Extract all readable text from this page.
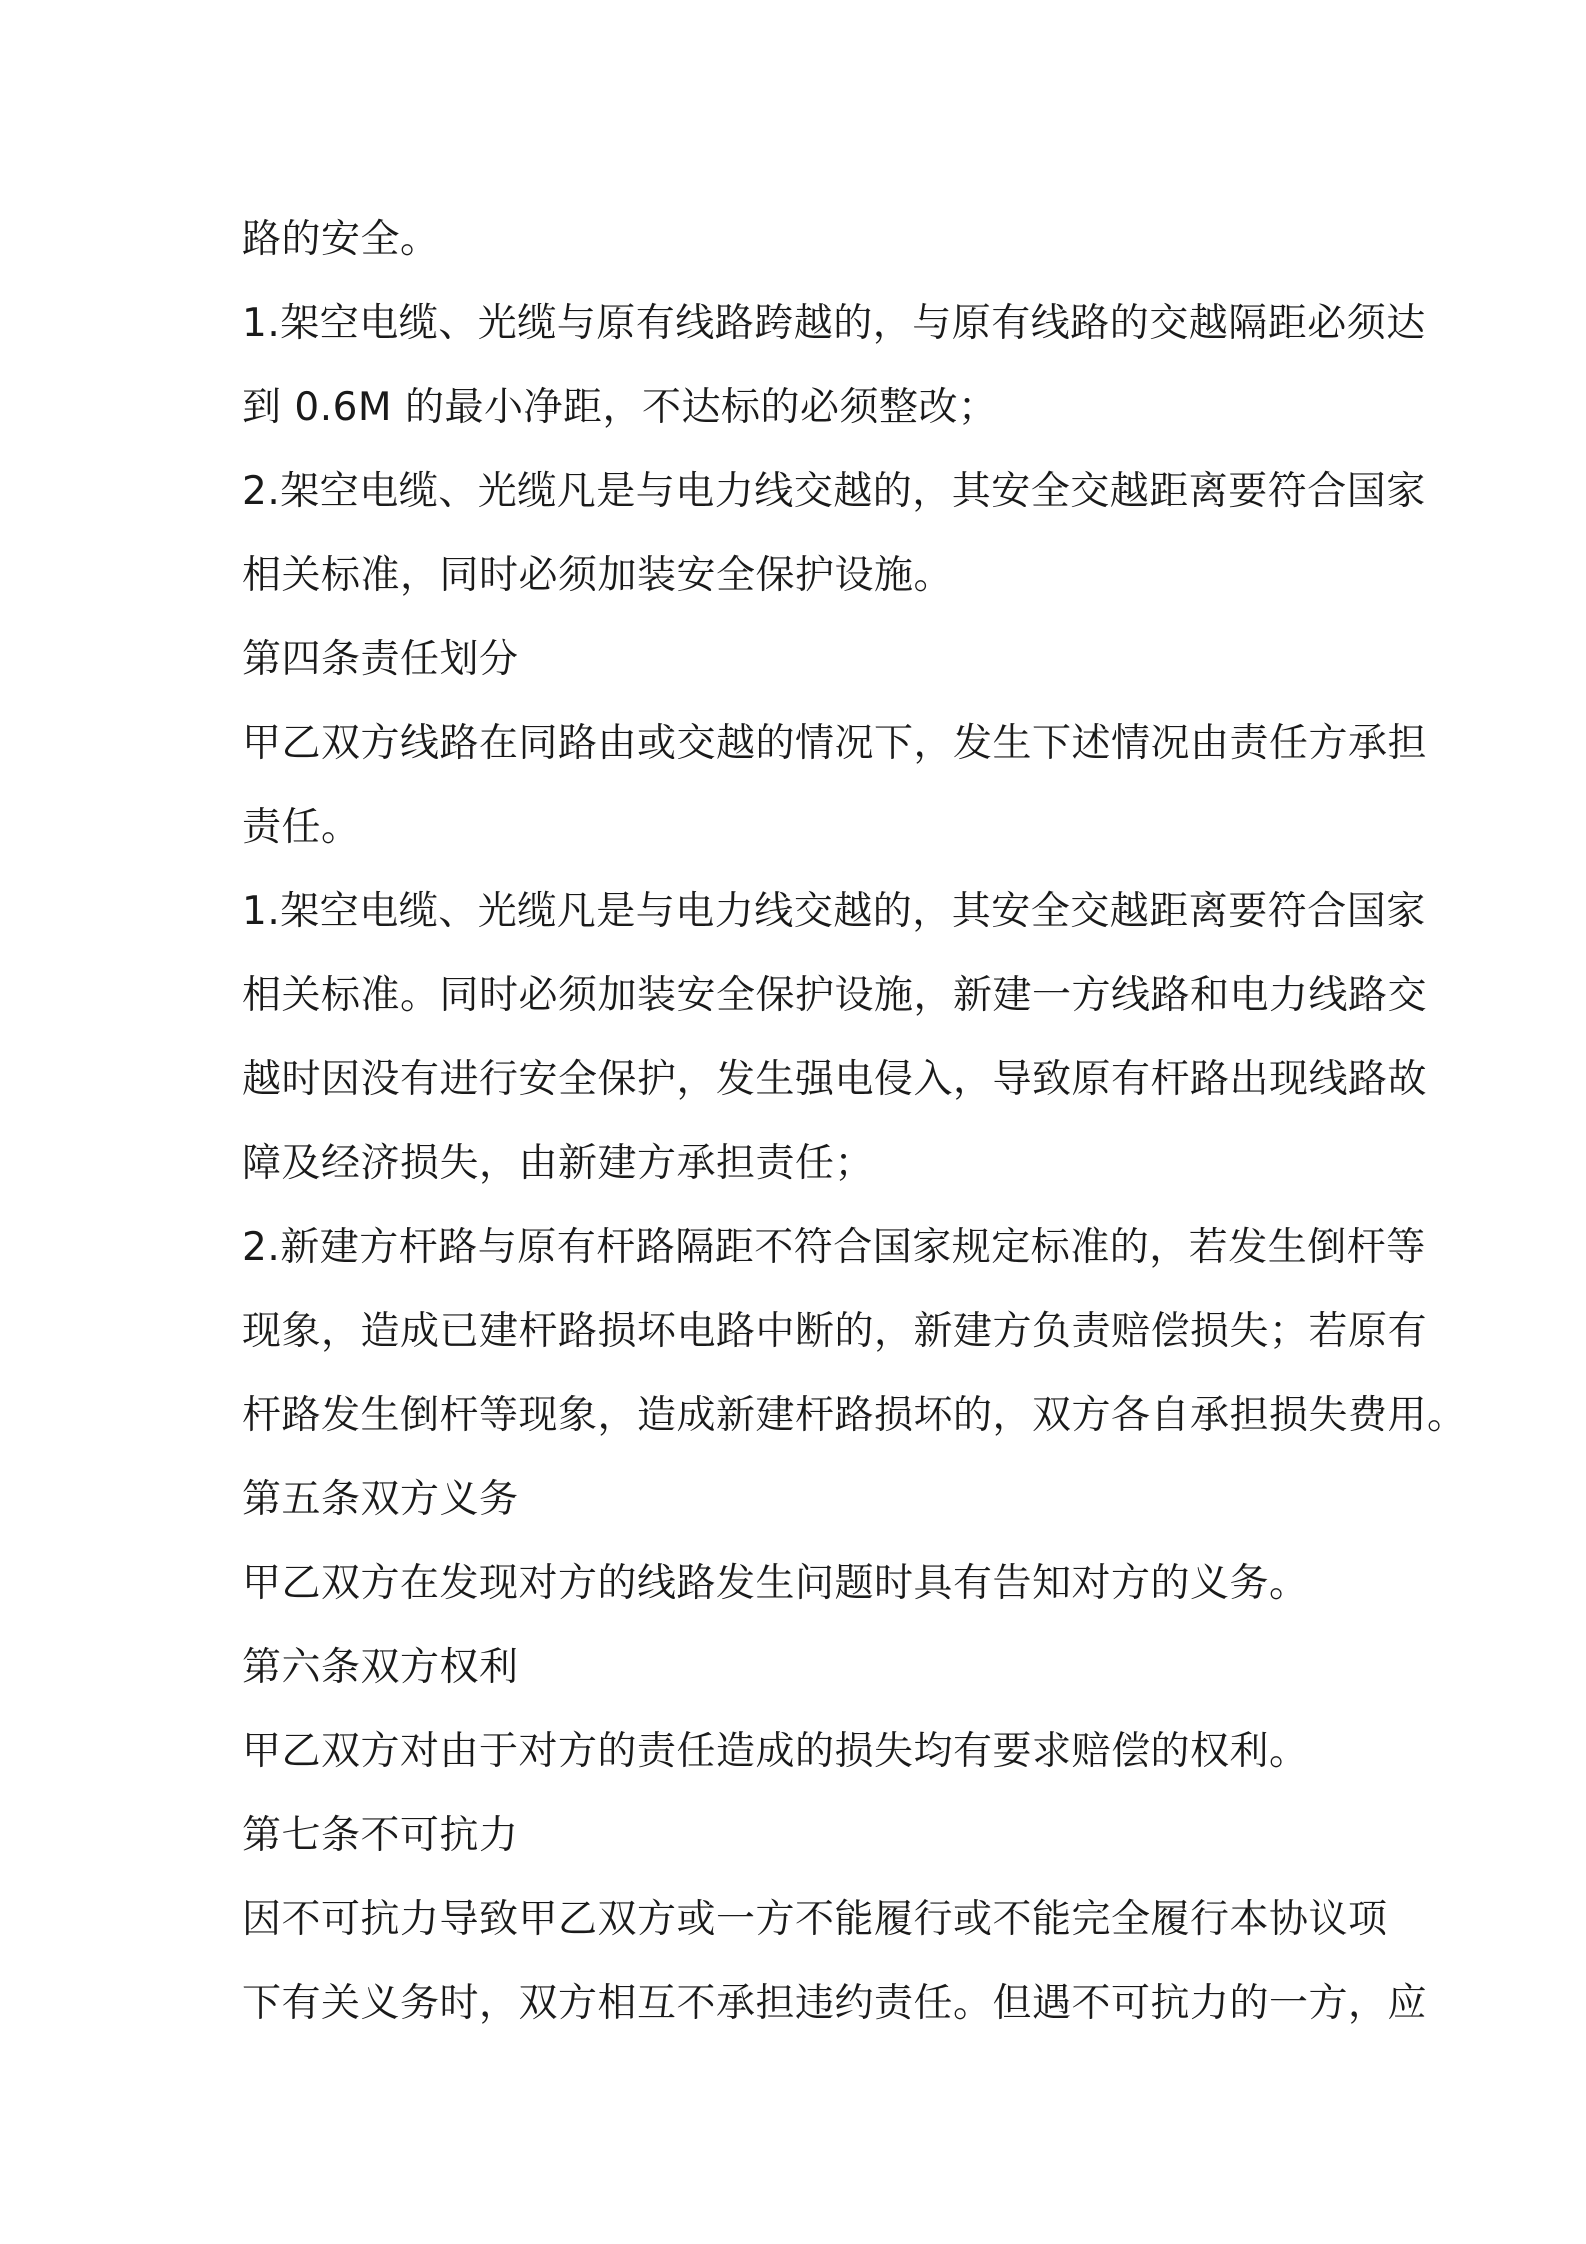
路的安全。
1.架空电缆、光缆与原有线路跨越的，与原有线路的交越隔距必须达
到 0.6M 的最小净距，不达标的必须整改；
2.架空电缆、光缆凡是与电力线交越的，其安全交越距离要符合国家
相关标准，同时必须加装安全保护设施。
第四条责任划分
甲乙双方线路在同路由或交越的情况下，发生下述情况由责任方承担
责任。
1.架空电缆、光缆凡是与电力线交越的，其安全交越距离要符合国家
相关标准。同时必须加装安全保护设施，新建一方线路和电力线路交
越时因没有进行安全保护，发生强电侵入，导致原有杆路出现线路故
障及经济损失，由新建方承担责任；
2.新建方杆路与原有杆路隔距不符合国家规定标准的，若发生倒杆等
现象，造成已建杆路损坏电路中断的，新建方负责赔偿损失；若原有
杆路发生倒杆等现象，造成新建杆路损坏的，双方各自承担损失费用。
第五条双方义务
甲乙双方在发现对方的线路发生问题时具有告知对方的义务。
第六条双方权利
甲乙双方对由于对方的责任造成的损失均有要求赔偿的权利。
第七条不可抗力
因不可抗力导致甲乙双方或一方不能履行或不能完全履行本协议项
下有关义务时，双方相互不承担违约责任。但遇不可抗力的一方，应
